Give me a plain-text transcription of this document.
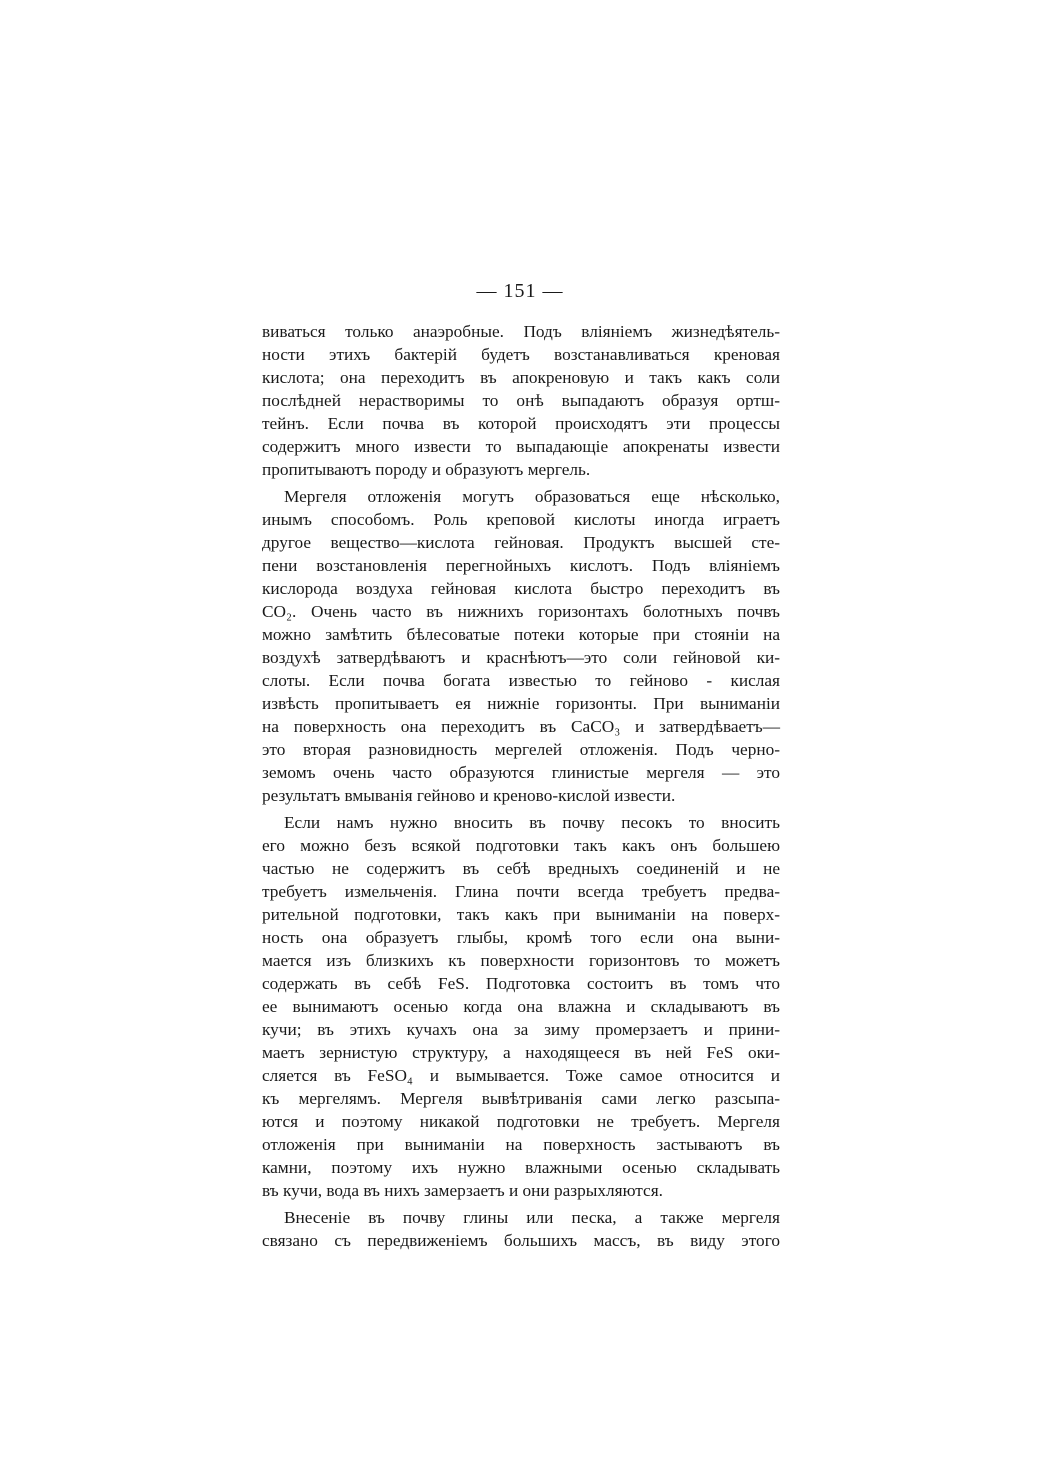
— 151 —
виваться только анаэробные. Подъ вліяніемъ жизнедѣятель-
ности этихъ бактерій будетъ возстанавливаться креновая
кислота; она переходитъ въ апокреновую и такъ какъ соли
послѣдней нерастворимы то онѣ выпадаютъ образуя ортш-
тейнъ. Если почва въ которой происходятъ эти процессы
содержитъ много извести то выпадающіе апокренаты извести
пропитываютъ породу и образуютъ мергель.
Мергеля отложенія могутъ образоваться еще нѣсколько,
инымъ способомъ. Роль креповой кислоты иногда играетъ
другое вещество—кислота гейновая. Продуктъ высшей сте-
пени возстановленія перегнойныхъ кислотъ. Подъ вліяніемъ
кислорода воздуха гейновая кислота быстро переходитъ въ
CO₂. Очень часто въ нижнихъ горизонтахъ болотныхъ почвъ
можно замѣтить бѣлесоватые потеки которые при стояніи на
воздухѣ затвердѣваютъ и краснѣютъ—это соли гейновой ки-
слоты. Если почва богата известью то гейново - кислая
извѣсть пропитываетъ ея нижніе горизонты. При выниманіи
на поверхность она переходитъ въ CaCO₃ и затвердѣваетъ—
это вторая разновидность мергелей отложенія. Подъ черно-
земомъ очень часто образуются глинистые мергеля — это
результатъ вмыванія гейново и креново-кислой извести.
Если намъ нужно вносить въ почву песокъ то вносить
его можно безъ всякой подготовки такъ какъ онъ большею
частью не содержитъ въ себѣ вредныхъ соединеній и не
требуетъ измельченія. Глина почти всегда требуетъ предва-
рительной подготовки, такъ какъ при выниманіи на поверх-
ность она образуетъ глыбы, кромѣ того если она выни-
мается изъ близкихъ къ поверхности горизонтовъ то можетъ
содержать въ себѣ FeS. Подготовка состоитъ въ томъ что
ее вынимаютъ осенью когда она влажна и складываютъ въ
кучи; въ этихъ кучахъ она за зиму промерзаетъ и прини-
маетъ зернистую структуру, а находящееся въ ней FeS оки-
сляется въ FeSO₄ и вымывается. Тоже самое относится и
къ мергелямъ. Мергеля вывѣтриванія сами легко разсыпа-
ются и поэтому никакой подготовки не требуетъ. Мергеля
отложенія при выниманіи на поверхность застываютъ въ
камни, поэтому ихъ нужно влажными осенью складывать
въ кучи, вода въ нихъ замерзаетъ и они разрыхляются.
Внесеніе въ почву глины или песка, а также мергеля
связано съ передвиженіемъ большихъ массъ, въ виду этого
